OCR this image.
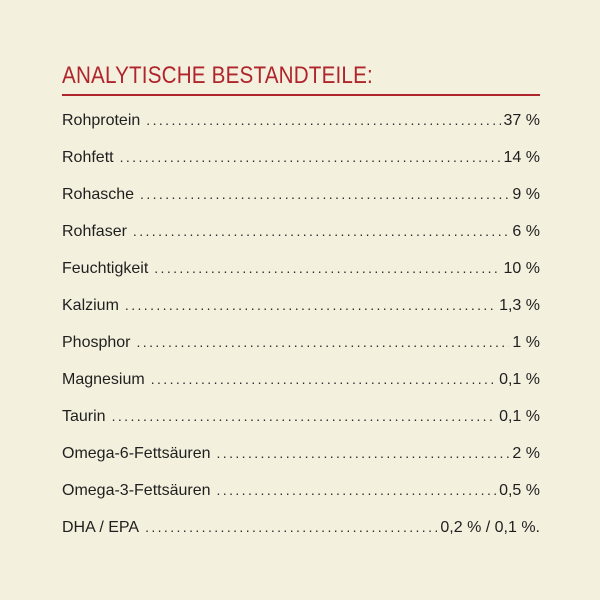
ANALYTISCHE BESTANDTEILE:
Rohprotein .....	37 %
Rohfett .....	14 %
Rohasche .....	9 %
Rohfaser .....	6 %
Feuchtigkeit .....	10 %
Kalzium .....	1,3 %
Phosphor .....	1 %
Magnesium .....	0,1 %
Taurin .....	0,1 %
Omega-6-Fettsäuren .....	2 %
Omega-3-Fettsäuren .....	0,5 %
DHA / EPA .....	0,2 % / 0,1 %.
